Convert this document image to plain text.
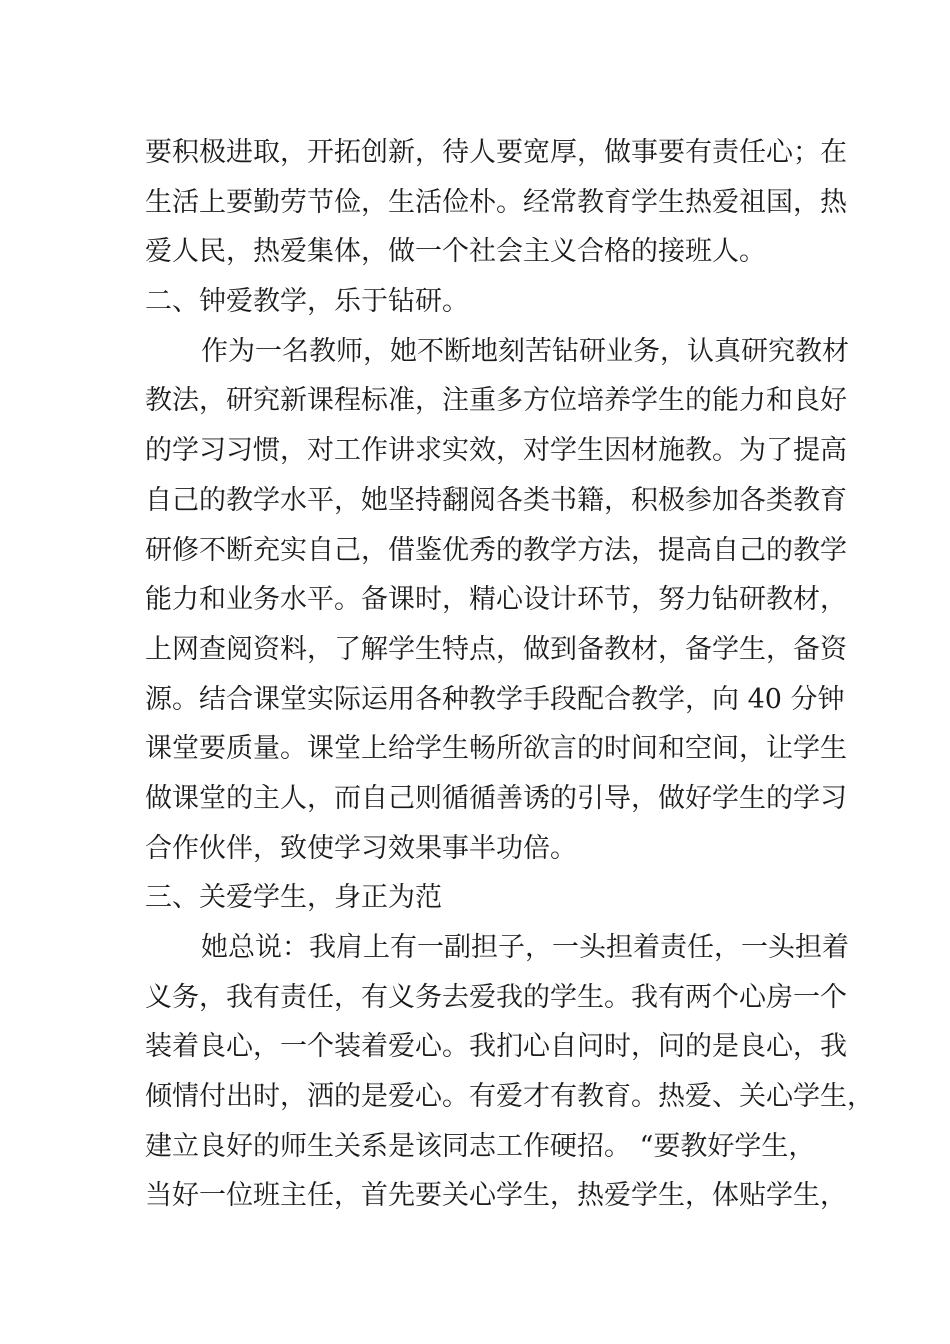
要积极进取，开拓创新，待人要宽厚，做事要有责任心；在
生活上要勤劳节俭，生活俭朴。经常教育学生热爱祖国，热
爱人民，热爱集体，做一个社会主义合格的接班人。
二、钟爱教学，乐于钻研。
作为一名教师，她不断地刻苦钻研业务，认真研究教材
教法，研究新课程标准，注重多方位培养学生的能力和良好
的学习习惯，对工作讲求实效，对学生因材施教。为了提高
自己的教学水平，她坚持翻阅各类书籍，积极参加各类教育
研修不断充实自己，借鉴优秀的教学方法，提高自己的教学
能力和业务水平。备课时，精心设计环节，努力钻研教材，
上网查阅资料，了解学生特点，做到备教材，备学生，备资
源。结合课堂实际运用各种教学手段配合教学，向 40 分钟
课堂要质量。课堂上给学生畅所欲言的时间和空间，让学生
做课堂的主人，而自己则循循善诱的引导，做好学生的学习
合作伙伴，致使学习效果事半功倍。
三、关爱学生，身正为范
她总说：我肩上有一副担子，一头担着责任，一头担着
义务，我有责任，有义务去爱我的学生。我有两个心房一个
装着良心，一个装着爱心。我扪心自问时，问的是良心，我
倾情付出时，洒的是爱心。有爱才有教育。热爱、关心学生，
建立良好的师生关系是该同志工作硬招。 “要教好学生，
当好一位班主任，首先要关心学生，热爱学生，体贴学生，
